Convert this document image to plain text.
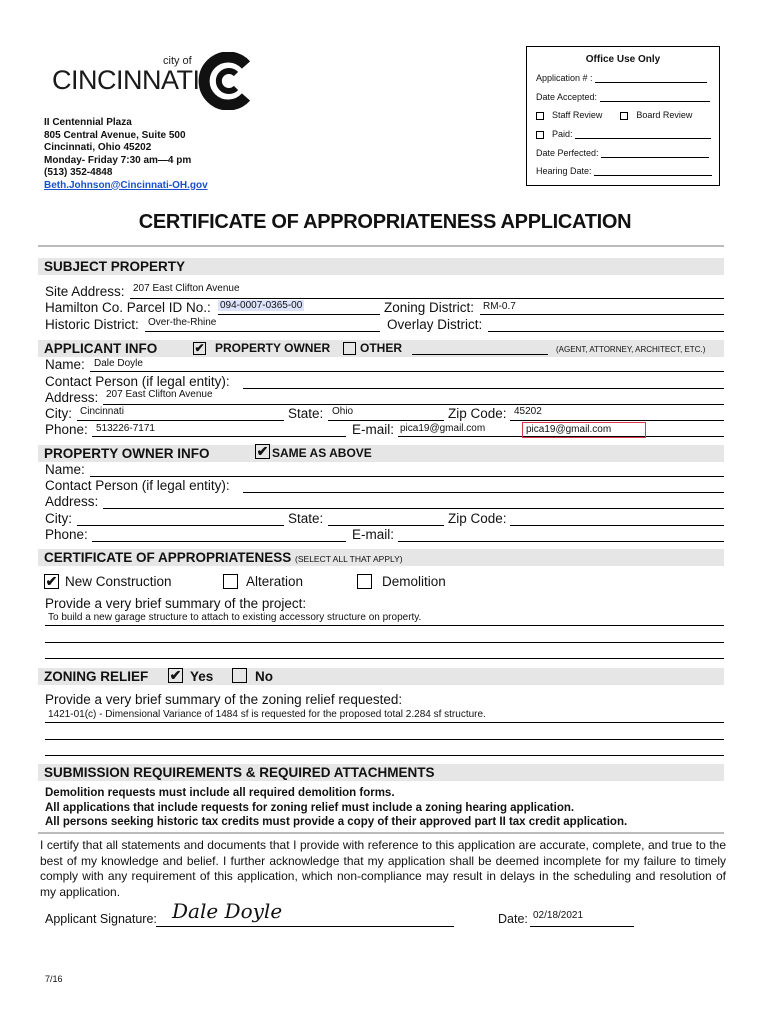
city of
CINCINNATI
II Centennial Plaza
805 Central Avenue, Suite 500
Cincinnati, Ohio 45202
Monday- Friday 7:30 am—4 pm
(513) 352-4848
Beth.Johnson@Cincinnati-OH.gov
Office Use Only
Application # :
Date Accepted:
Staff Review	Board Review
Paid:
Date Perfected:
Hearing Date:
CERTIFICATE OF APPROPRIATENESS APPLICATION
SUBJECT PROPERTY
Site Address: 207 East Clifton Avenue
Hamilton Co. Parcel ID No.: 094-0007-0365-00	Zoning District: RM-0.7
Historic District: Over-the-Rhine	Overlay District:
APPLICANT INFO	✔ PROPERTY OWNER OTHER	(AGENT, ATTORNEY, ARCHITECT, ETC.)
Name: Dale Doyle
Contact Person (if legal entity):
Address: 207 East Clifton Avenue
City: Cincinnati	State: Ohio	Zip Code: 45202
Phone: 513226-7171	E-mail: pica19@gmail.com	pica19@gmail.com
PROPERTY OWNER INFO	✔ SAME AS ABOVE
Name:
Contact Person (if legal entity):
Address:
City:	State:	Zip Code:
Phone:	E-mail:
CERTIFICATE OF APPROPRIATENESS (SELECT ALL THAT APPLY)
✔ New Construction	Alteration	Demolition
Provide a very brief summary of the project:
To build a new garage structure to attach to existing accessory structure on property.
ZONING RELIEF	✔ Yes	No
Provide a very brief summary of the zoning relief requested:
1421-01(c) - Dimensional Variance of 1484 sf is requested for the proposed total 2.284 sf structure.
SUBMISSION REQUIREMENTS & REQUIRED ATTACHMENTS
Demolition requests must include all required demolition forms.
All applications that include requests for zoning relief must include a zoning hearing application.
All persons seeking historic tax credits must provide a copy of their approved part II tax credit application.
I certify that all statements and documents that I provide with reference to this application are accurate, complete, and true to the best of my knowledge and belief. I further acknowledge that my application shall be deemed incomplete for my failure to timely comply with any requirement of this application, which non-compliance may result in delays in the scheduling and resolution of my application.
Applicant Signature: Dale Doyle	Date: 02/18/2021
7/16
